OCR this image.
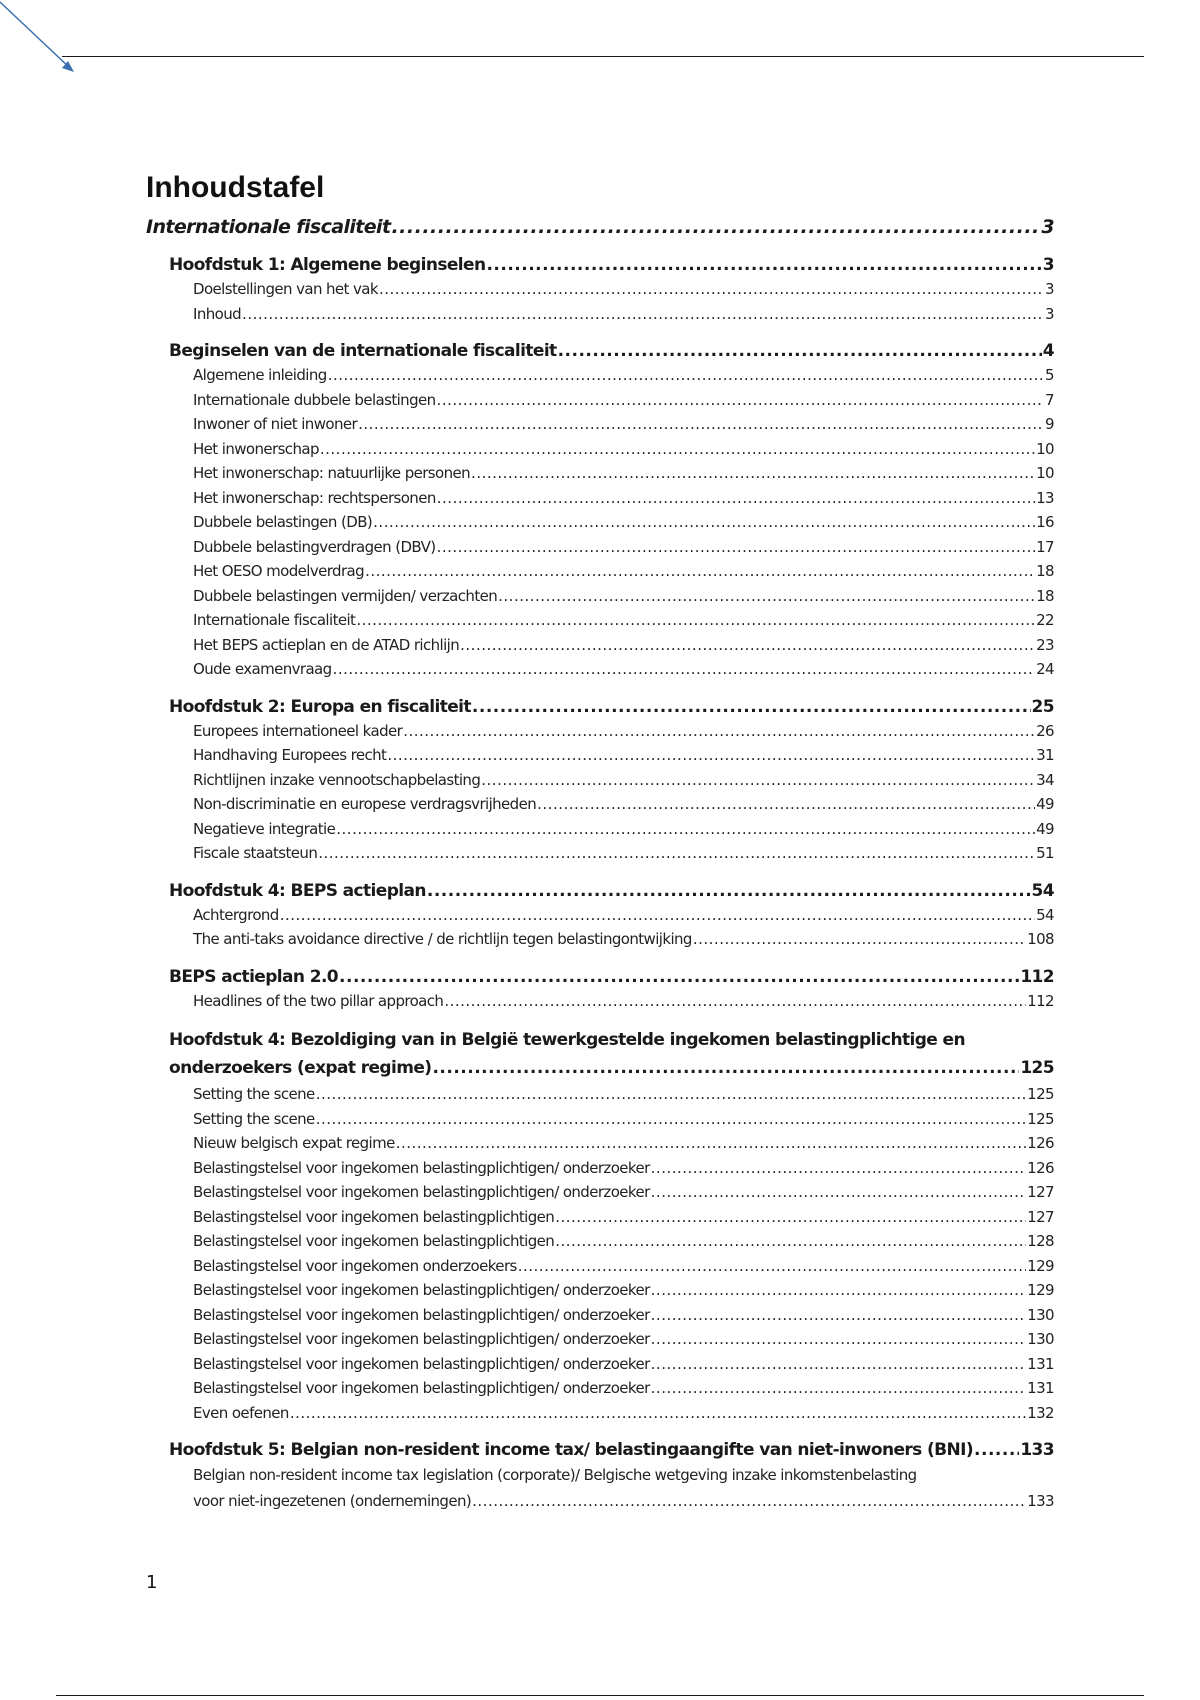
Inhoudstafel
Internationale fiscaliteit .....	3
Hoofdstuk 1: Algemene beginselen .....	3
Doelstellingen van het vak .....	3
Inhoud .....	3
Beginselen van de internationale fiscaliteit .....	4
Algemene inleiding .....	5
Internationale dubbele belastingen .....	7
Inwoner of niet inwoner .....	9
Het inwonerschap .....	10
Het inwonerschap: natuurlijke personen .....	10
Het inwonerschap: rechtspersonen .....	13
Dubbele belastingen (DB) .....	16
Dubbele belastingverdragen (DBV) .....	17
Het OESO modelverdrag .....	18
Dubbele belastingen vermijden/ verzachten .....	18
Internationale fiscaliteit .....	22
Het BEPS actieplan en de ATAD richlijn .....	23
Oude examenvraag .....	24
Hoofdstuk 2: Europa en fiscaliteit .....	25
Europees internationeel kader .....	26
Handhaving Europees recht .....	31
Richtlijnen inzake vennootschapbelasting .....	34
Non-discriminatie en europese verdragsvrijheden .....	49
Negatieve integratie .....	49
Fiscale staatsteun .....	51
Hoofdstuk 4: BEPS actieplan .....	54
Achtergrond .....	54
The anti-taks avoidance directive / de richtlijn tegen belastingontwijking .....	108
BEPS actieplan 2.0 .....	112
Headlines of the two pillar approach .....	112
Hoofdstuk 4: Bezoldiging van in België tewerkgestelde ingekomen belastingplichtige en
onderzoekers (expat regime) .....	125
Setting the scene .....	125
Setting the scene .....	125
Nieuw belgisch expat regime .....	126
Belastingstelsel voor ingekomen belastingplichtigen/ onderzoeker .....	126
Belastingstelsel voor ingekomen belastingplichtigen/ onderzoeker .....	127
Belastingstelsel voor ingekomen belastingplichtigen .....	127
Belastingstelsel voor ingekomen belastingplichtigen .....	128
Belastingstelsel voor ingekomen onderzoekers .....	129
Belastingstelsel voor ingekomen belastingplichtigen/ onderzoeker .....	129
Belastingstelsel voor ingekomen belastingplichtigen/ onderzoeker .....	130
Belastingstelsel voor ingekomen belastingplichtigen/ onderzoeker .....	130
Belastingstelsel voor ingekomen belastingplichtigen/ onderzoeker .....	131
Belastingstelsel voor ingekomen belastingplichtigen/ onderzoeker .....	131
Even oefenen .....	132
Hoofdstuk 5: Belgian non-resident income tax/ belastingaangifte van niet-inwoners (BNI) .....	133
Belgian non-resident income tax legislation (corporate)/ Belgische wetgeving inzake inkomstenbelasting
voor niet-ingezetenen (ondernemingen) .....	133
1
